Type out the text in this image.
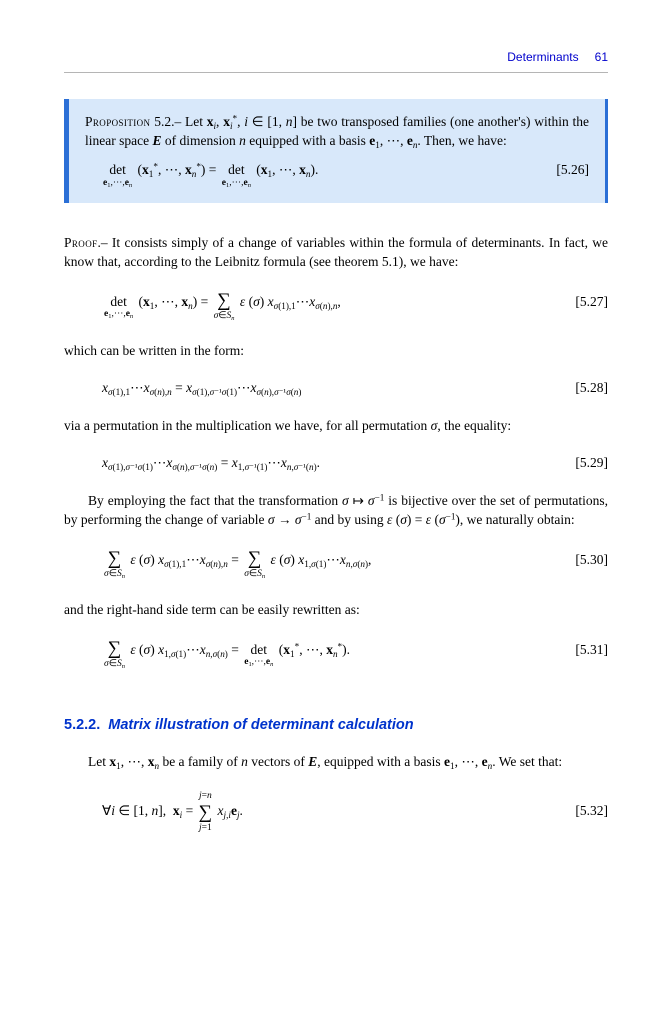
Determinants 61

Proposition 5.2.– Let $x_i$, $x_i^*$, i ∈ [1, n] be two transposed families (one another's) within the linear space E of dimension n equipped with a basis $e_1$, ⋯, $e_n$. Then, we have:

det
$e_1,\cdots,e_n$
($x_1^*$, ⋯, $x_n^*) = \det$
$e_1,\cdots,e_n$
($x_1$, ⋯, $x_n$).	[5.26]

Proof.– It consists simply of a change of variables within the formula of determinants. In fact, we know that, according to the Leibnitz formula (see theorem 5.1), we have:

det
$e_1,\cdots,e_n$
($x_1$, ⋯, $x_n$) = ∑
$\sigma\in S_n$
ε (σ) $x_{\sigma(1),1}\cdots x_{\sigma(n),n}$,	[5.27]

which can be written in the form:

$x_{\sigma(1),1}\cdots x_{\sigma(n),n}$ = $x_{\sigma(1),\sigma^{-1}\sigma(1)}\cdots x_{\sigma(n),\sigma^{-1}\sigma(n)}$	[5.28]

via a permutation in the multiplication we have, for all permutation σ, the equality:

$x_{\sigma(1),\sigma^{-1}\sigma(1)}\cdots x_{\sigma(n),\sigma^{-1}\sigma(n)}$ = $x_{1,\sigma^{-1}(1)}\cdots x_{n,\sigma^{-1}(n)}$.	[5.29]

By employing the fact that the transformation σ ↦ $\sigma^{-1}$ is bijective over the set of permutations, by performing the change of variable $\sigma \to \sigma^{-1}$ and by using ε (σ) = ε $(\sigma^{-1})$, we naturally obtain:

∑
$\sigma\in S_n$
ε (σ) $x_{\sigma(1),1}\cdots x_{\sigma(n),n}$ = ∑
$\sigma\in S_n$
ε (σ) $x_{1,\sigma(1)}\cdots x_{n,\sigma(n)}$,	[5.30]

and the right-hand side term can be easily rewritten as:

∑
$\sigma\in S_n$
ε (σ) $x_{1,\sigma(1)}\cdots x_{n,\sigma(n)} = \det$
$e_1,\cdots,e_n$
($x_1^*$, ⋯, $x_n^*$).	[5.31]
5.2.2. Matrix illustration of determinant calculation

Let $x_1$, ⋯, $x_n$ be a family of n vectors of E, equipped with a basis $e_1$, ⋯, $e_n$. We set that:

∀i ∈ [1, n],  $x_i$ =
j=n
∑
j=1
$x_{j,i}e_j$.	[5.32]
